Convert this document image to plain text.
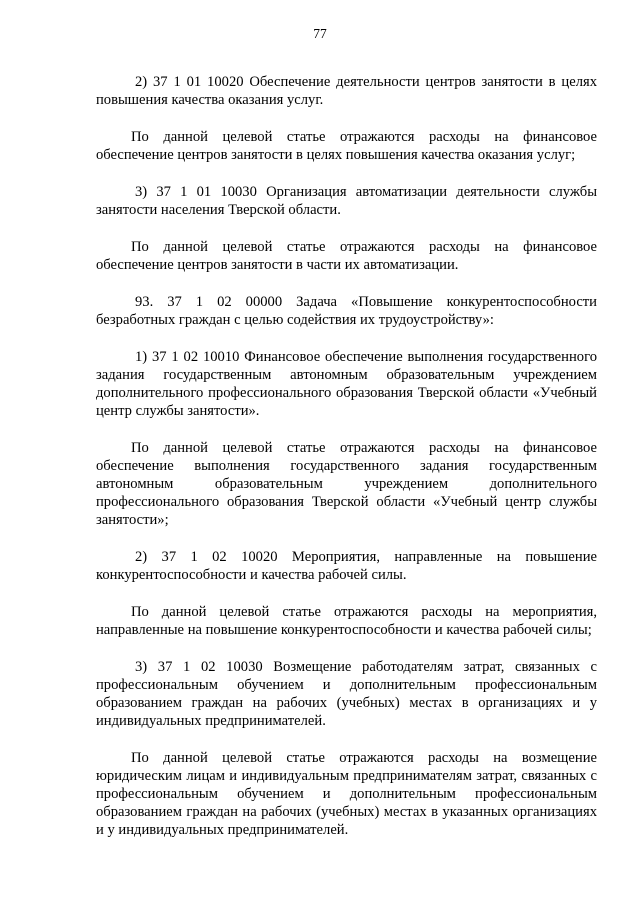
77

2) 37 1 01 10020 Обеспечение деятельности центров занятости в целях повышения качества оказания услуг.

По данной целевой статье отражаются расходы на финансовое обеспечение центров занятости в целях повышения качества оказания услуг;

3) 37 1 01 10030 Организация автоматизации деятельности службы занятости населения Тверской области.

По данной целевой статье отражаются расходы на финансовое обеспечение центров занятости в части их автоматизации.

93. 37 1 02 00000 Задача «Повышение конкурентоспособности безработных граждан с целью содействия их трудоустройству»:

1) 37 1 02 10010 Финансовое обеспечение выполнения государственного задания государственным автономным образовательным учреждением дополнительного профессионального образования Тверской области «Учебный центр службы занятости».

По данной целевой статье отражаются расходы на финансовое обеспечение выполнения государственного задания государственным автономным образовательным учреждением дополнительного профессионального образования Тверской области «Учебный центр службы занятости»;

2) 37 1 02 10020 Мероприятия, направленные на повышение конкурентоспособности и качества рабочей силы.

По данной целевой статье отражаются расходы на мероприятия, направленные на повышение конкурентоспособности и качества рабочей силы;

3) 37 1 02 10030 Возмещение работодателям затрат, связанных с профессиональным обучением и дополнительным профессиональным образованием граждан на рабочих (учебных) местах в организациях и у индивидуальных предпринимателей.

По данной целевой статье отражаются расходы на возмещение юридическим лицам и индивидуальным предпринимателям затрат, связанных с профессиональным обучением и дополнительным профессиональным образованием граждан на рабочих (учебных) местах в указанных организациях и у индивидуальных предпринимателей.
